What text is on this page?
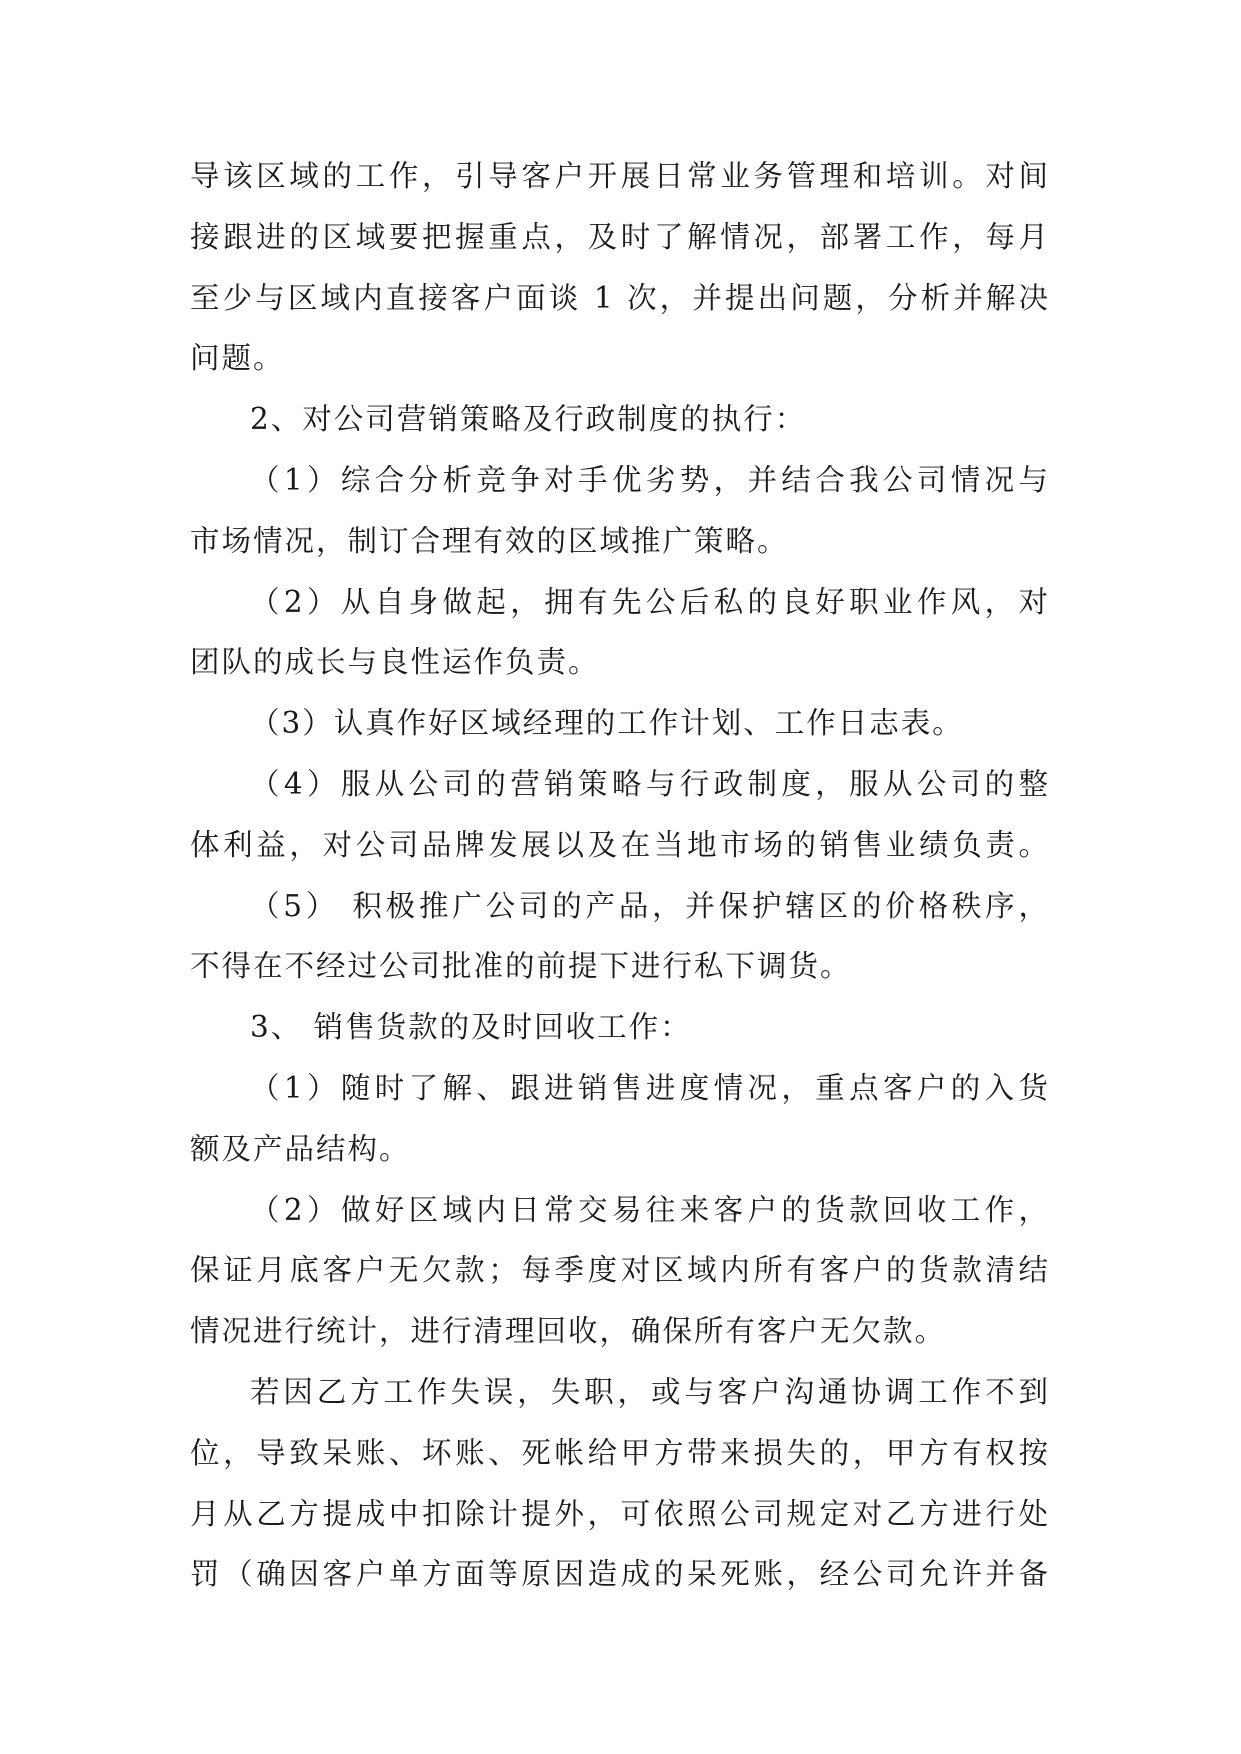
导该区域的工作，引导客户开展日常业务管理和培训。对间
接跟进的区域要把握重点，及时了解情况，部署工作，每月
至少与区域内直接客户面谈 1 次，并提出问题，分析并解决
问题。
2、对公司营销策略及行政制度的执行：
（1）综合分析竞争对手优劣势，并结合我公司情况与
市场情况，制订合理有效的区域推广策略。
（2）从自身做起，拥有先公后私的良好职业作风，对
团队的成长与良性运作负责。
（3）认真作好区域经理的工作计划、工作日志表。
（4）服从公司的营销策略与行政制度，服从公司的整
体利益，对公司品牌发展以及在当地市场的销售业绩负责。
（5） 积极推广公司的产品，并保护辖区的价格秩序，
不得在不经过公司批准的前提下进行私下调货。
3、 销售货款的及时回收工作：
（1）随时了解、跟进销售进度情况，重点客户的入货
额及产品结构。
（2）做好区域内日常交易往来客户的货款回收工作，
保证月底客户无欠款；每季度对区域内所有客户的货款清结
情况进行统计，进行清理回收，确保所有客户无欠款。
若因乙方工作失误，失职，或与客户沟通协调工作不到
位，导致呆账、坏账、死帐给甲方带来损失的，甲方有权按
月从乙方提成中扣除计提外，可依照公司规定对乙方进行处
罚（确因客户单方面等原因造成的呆死账，经公司允许并备
